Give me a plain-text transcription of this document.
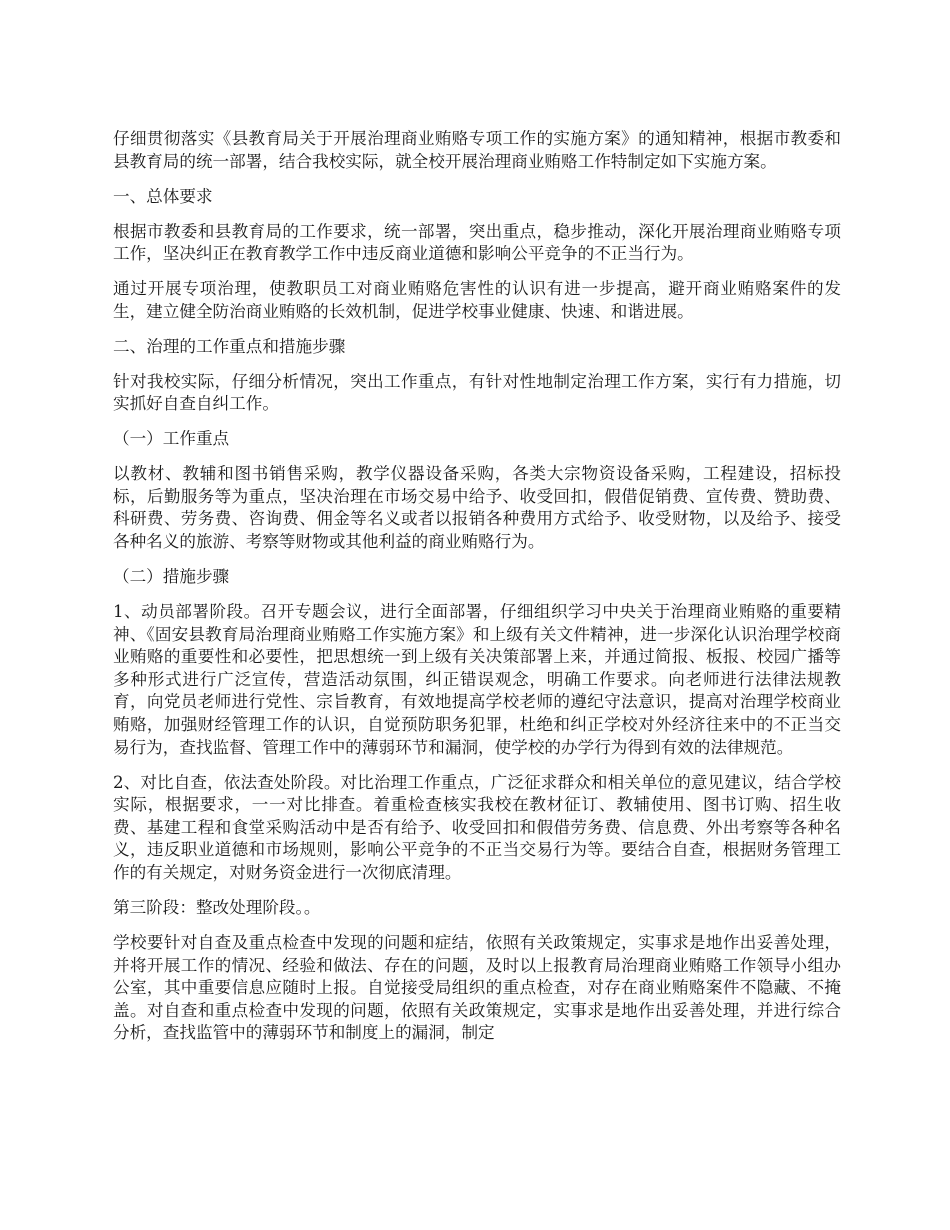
仔细贯彻落实《县教育局关于开展治理商业贿赂专项工作的实施方案》的通知精神，根据市教委和县教育局的统一部署，结合我校实际，就全校开展治理商业贿赂工作特制定如下实施方案。

一、总体要求

根据市教委和县教育局的工作要求，统一部署，突出重点，稳步推动，深化开展治理商业贿赂专项工作，坚决纠正在教育教学工作中违反商业道德和影响公平竞争的不正当行为。

通过开展专项治理，使教职员工对商业贿赂危害性的认识有进一步提高，避开商业贿赂案件的发生，建立健全防治商业贿赂的长效机制，促进学校事业健康、快速、和谐进展。

二、治理的工作重点和措施步骤

针对我校实际，仔细分析情况，突出工作重点，有针对性地制定治理工作方案，实行有力措施，切实抓好自查自纠工作。

（一）工作重点

以教材、教辅和图书销售采购，教学仪器设备采购，各类大宗物资设备采购，工程建设，招标投标，后勤服务等为重点，坚决治理在市场交易中给予、收受回扣，假借促销费、宣传费、赞助费、科研费、劳务费、咨询费、佣金等名义或者以报销各种费用方式给予、收受财物，以及给予、接受各种名义的旅游、考察等财物或其他利益的商业贿赂行为。

（二）措施步骤

1、动员部署阶段。召开专题会议，进行全面部署，仔细组织学习中央关于治理商业贿赂的重要精神、《固安县教育局治理商业贿赂工作实施方案》和上级有关文件精神，进一步深化认识治理学校商业贿赂的重要性和必要性，把思想统一到上级有关决策部署上来，并通过简报、板报、校园广播等多种形式进行广泛宣传，营造活动氛围，纠正错误观念，明确工作要求。向老师进行法律法规教育，向党员老师进行党性、宗旨教育，有效地提高学校老师的遵纪守法意识，提高对治理学校商业贿赂，加强财经管理工作的认识，自觉预防职务犯罪，杜绝和纠正学校对外经济往来中的不正当交易行为，查找监督、管理工作中的薄弱环节和漏洞，使学校的办学行为得到有效的法律规范。

2、对比自查，依法查处阶段。对比治理工作重点，广泛征求群众和相关单位的意见建议，结合学校实际，根据要求，一一对比排查。着重检查核实我校在教材征订、教辅使用、图书订购、招生收费、基建工程和食堂采购活动中是否有给予、收受回扣和假借劳务费、信息费、外出考察等各种名义，违反职业道德和市场规则，影响公平竞争的不正当交易行为等。要结合自查，根据财务管理工作的有关规定，对财务资金进行一次彻底清理。

第三阶段：整改处理阶段。。

学校要针对自查及重点检查中发现的问题和症结，依照有关政策规定，实事求是地作出妥善处理，并将开展工作的情况、经验和做法、存在的问题，及时以上报教育局治理商业贿赂工作领导小组办公室，其中重要信息应随时上报。自觉接受局组织的重点检查，对存在商业贿赂案件不隐藏、不掩盖。对自查和重点检查中发现的问题，依照有关政策规定，实事求是地作出妥善处理，并进行综合分析，查找监管中的薄弱环节和制度上的漏洞，制定
